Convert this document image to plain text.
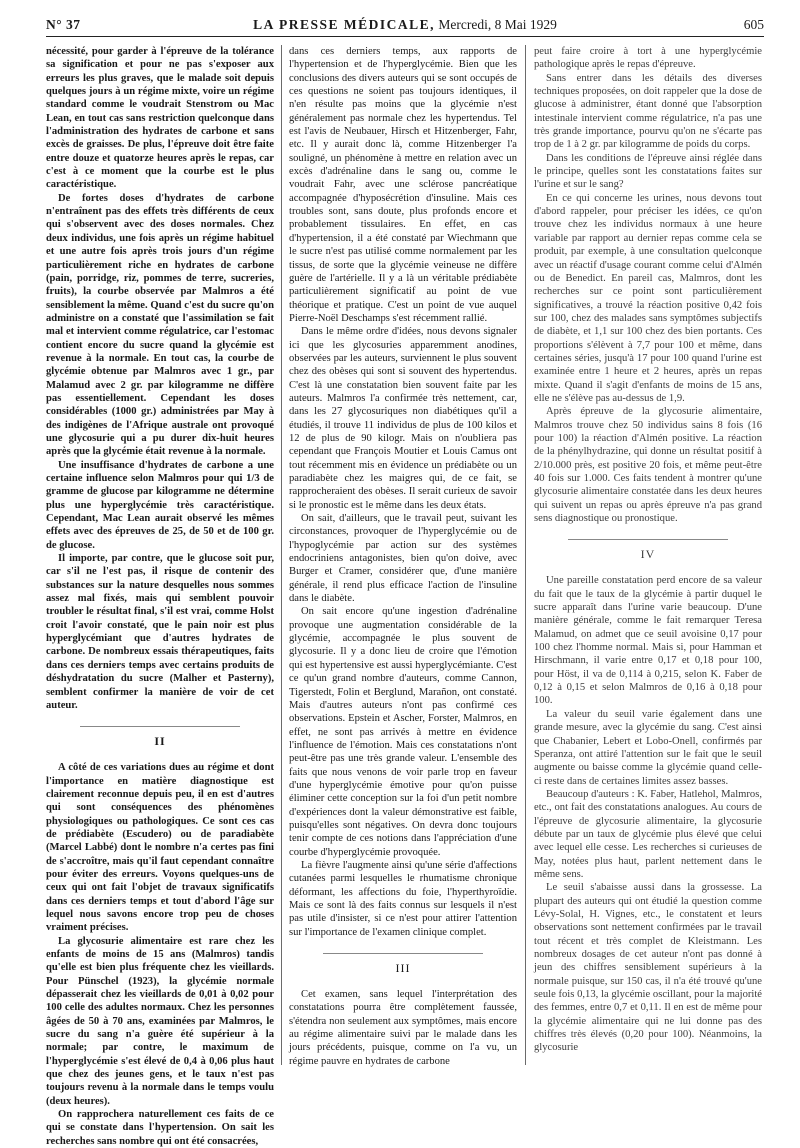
N° 37	LA PRESSE MÉDICALE, Mercredi, 8 Mai 1929	605

nécessité, pour garder à l'épreuve de la tolérance sa signification et pour ne pas s'exposer aux erreurs les plus graves, que le malade soit depuis quelques jours à un régime mixte, voire un régime standard comme le voudrait Stenstrom ou Mac Lean, en tout cas sans restriction quelconque dans l'administration des hydrates de carbone et sans excès de graisses. De plus, l'épreuve doit être faite entre douze et quatorze heures après le repas, car c'est à ce moment que la courbe est le plus caractéristique.

De fortes doses d'hydrates de carbone n'entraînent pas des effets très différents de ceux qui s'observent avec des doses normales. Chez deux individus, une fois après un régime habituel et une autre fois après trois jours d'un régime particulièrement riche en hydrates de carbone (pain, porridge, riz, pommes de terre, sucreries, fruits), la courbe observée par Malmros a été sensiblement la même. Quand c'est du sucre qu'on administre on a constaté que l'assimilation se fait mal et intervient comme régulatrice, car l'estomac contient encore du sucre quand la glycémie est revenue à la normale. En tout cas, la courbe de glycémie obtenue par Malmros avec 1 gr., par Malamud avec 2 gr. par kilogramme ne diffère pas essentiellement. Cependant les doses considérables (1000 gr.) administrées par May à des indigènes de l'Afrique australe ont provoqué une glycosurie qui a pu durer dix-huit heures après que la glycémie était revenue à la normale.

Une insuffisance d'hydrates de carbone a une certaine influence selon Malmros pour qui 1/3 de gramme de glucose par kilogramme ne détermine plus une hyperglycémie très caractéristique. Cependant, Mac Lean aurait observé les mêmes effets avec des épreuves de 25, de 50 et de 100 gr. de glucose.

Il importe, par contre, que le glucose soit pur, car s'il ne l'est pas, il risque de contenir des substances sur la nature desquelles nous sommes assez mal fixés, mais qui semblent pouvoir troubler le résultat final, s'il est vrai, comme Holst croit l'avoir constaté, que le pain noir est plus hyperglycémiant que d'autres hydrates de carbone. De nombreux essais thérapeutiques, faits dans ces derniers temps avec certains produits de déshydratation du sucre (Malher et Pasterny), semblent confirmer la manière de voir de cet auteur.

II

A côté de ces variations dues au régime et dont l'importance en matière diagnostique est clairement reconnue depuis peu, il en est d'autres qui sont conséquences des phénomènes physiologiques ou pathologiques. Ce sont ces cas de prédiabète (Escudero) ou de paradiabète (Marcel Labbé) dont le nombre n'a certes pas fini de s'accroître, mais qu'il faut cependant connaître pour éviter des erreurs. Voyons quelques-uns de ceux qui ont fait l'objet de travaux significatifs dans ces derniers temps et tout d'abord l'âge sur lequel nous savons encore trop peu de choses vraiment précises.

La glycosurie alimentaire est rare chez les enfants de moins de 15 ans (Malmros) tandis qu'elle est bien plus fréquente chez les vieillards. Pour Pünschel (1923), la glycémie normale dépasserait chez les vieillards de 0,01 à 0,02 pour 100 celle des adultes normaux. Chez les personnes âgées de 50 à 70 ans, examinées par Malmros, le sucre du sang n'a guère été supérieur à la normale; par contre, le maximum de l'hyperglycémie s'est élevé de 0,4 à 0,06 plus haut que chez des jeunes gens, et le taux n'est pas toujours revenu à la normale dans le temps voulu (deux heures).

On rapprochera naturellement ces faits de ce qui se constate dans l'hypertension. On sait les recherches sans nombre qui ont été consacrées,

dans ces derniers temps, aux rapports de l'hypertension et de l'hyperglycémie. Bien que les conclusions des divers auteurs qui se sont occupés de ces questions ne soient pas toujours identiques, il n'en résulte pas moins que la glycémie n'est généralement pas normale chez les hypertendus. Tel est l'avis de Neubauer, Hirsch et Hitzenberger, Fahr, etc. Il y aurait donc là, comme Hitzenberger l'a souligné, un phénomène à mettre en relation avec un excès d'adrénaline dans le sang ou, comme le voudrait Fahr, avec une sclérose pancréatique accompagnée d'hyposécrétion d'insuline. Mais ces troubles sont, sans doute, plus profonds encore et probablement tissulaires. En effet, en cas d'hypertension, il a été constaté par Wiechmann que le sucre n'est pas utilisé comme normalement par les tissus, de sorte que la glycémie veineuse ne diffère guère de l'artérielle. Il y a là un véritable prédiabète particulièrement significatif au point de vue théorique et pratique. C'est un point de vue auquel Pierre-Noël Deschamps s'est récemment rallié.

Dans le même ordre d'idées, nous devons signaler ici que les glycosuries apparemment anodines, observées par les auteurs, surviennent le plus souvent chez des obèses qui sont si souvent des hypertendus. C'est là une constatation bien souvent faite par les auteurs. Malmros l'a confirmée très nettement, car, dans les 27 glycosuriques non diabétiques qu'il a étudiés, il trouve 11 individus de plus de 100 kilos et 12 de plus de 90 kilogr. Mais on n'oubliera pas cependant que François Moutier et Louis Camus ont tout récemment mis en évidence un prédiabète ou un paradiabète chez les maigres qui, de ce fait, se rapprocheraient des obèses. Il serait curieux de savoir si le pronostic est le même dans les deux états.

On sait, d'ailleurs, que le travail peut, suivant les circonstances, provoquer de l'hyperglycémie ou de l'hypoglycémie par action sur des systèmes endocriniens antagonistes, bien qu'on doive, avec Burger et Cramer, considérer que, d'une manière générale, il rend plus efficace l'action de l'insuline dans le diabète.

On sait encore qu'une ingestion d'adrénaline provoque une augmentation considérable de la glycémie, accompagnée le plus souvent de glycosurie. Il y a donc lieu de croire que l'émotion qui est hypertensive est aussi hyperglycémiante. C'est ce qu'un grand nombre d'auteurs, comme Cannon, Tigerstedt, Folin et Berglund, Marañon, ont constaté. Mais d'autres auteurs n'ont pas confirmé ces observations. Epstein et Ascher, Forster, Malmros, en effet, ne sont pas arrivés à mettre en évidence l'influence de l'émotion. Mais ces constatations n'ont peut-être pas une très grande valeur. L'ensemble des faits que nous venons de voir parle trop en faveur d'une hyperglycémie émotive pour qu'on puisse éliminer cette conception sur la foi d'un petit nombre d'expériences dont la valeur démonstrative est faible, puisqu'elles sont négatives. On devra donc toujours tenir compte de ces notions dans l'appréciation d'une courbe d'hyperglycémie provoquée.

La fièvre l'augmente ainsi qu'une série d'affections cutanées parmi lesquelles le rhumatisme chronique déformant, les affections du foie, l'hyperthyroïdie. Mais ce sont là des faits connus sur lesquels il n'est pas utile d'insister, si ce n'est pour attirer l'attention sur l'importance de l'examen clinique complet.

III

Cet examen, sans lequel l'interprétation des constatations pourra être complètement faussée, s'étendra non seulement aux symptômes, mais encore au régime alimentaire suivi par le malade dans les jours précédents, puisque, comme on l'a vu, un régime pauvre en hydrates de carbone

peut faire croire à tort à une hyperglycémie pathologique après le repas d'épreuve.

Sans entrer dans les détails des diverses techniques proposées, on doit rappeler que la dose de glucose à administrer, étant donné que l'absorption intestinale intervient comme régulatrice, n'a pas une très grande importance, pourvu qu'on ne s'écarte pas trop de 1 à 2 gr. par kilogramme de poids du corps.

Dans les conditions de l'épreuve ainsi réglée dans le principe, quelles sont les constatations faites sur l'urine et sur le sang?

En ce qui concerne les urines, nous devons tout d'abord rappeler, pour préciser les idées, ce qu'on trouve chez les individus normaux à une heure variable par rapport au dernier repas comme cela se produit, par exemple, à une consultation quelconque avec un réactif d'usage courant comme celui d'Almén ou de Benedict. En pareil cas, Malmros, dont les recherches sur ce point sont particulièrement significatives, a trouvé la réaction positive 0,42 fois sur 100, chez des malades sans symptômes subjectifs de diabète, et 1,1 sur 100 chez des bien portants. Ces proportions s'élèvent à 7,7 pour 100 et même, dans certaines séries, jusqu'à 17 pour 100 quand l'urine est examinée entre 1 heure et 2 heures, après un repas mixte. Quand il s'agit d'enfants de moins de 15 ans, elle ne s'élève pas au-dessus de 1,9.

Après épreuve de la glycosurie alimentaire, Malmros trouve chez 50 individus sains 8 fois (16 pour 100) la réaction d'Almén positive. La réaction de la phénylhydrazine, qui donne un résultat positif à 2/10.000 près, est positive 20 fois, et même peut-être 40 fois sur 1.000. Ces faits tendent à montrer qu'une glycosurie alimentaire constatée dans les deux heures qui suivent un repas ou après épreuve n'a pas grand sens diagnostique ou pronostique.

IV

Une pareille constatation perd encore de sa valeur du fait que le taux de la glycémie à partir duquel le sucre apparaît dans l'urine varie beaucoup. D'une manière générale, comme le fait remarquer Teresa Malamud, on admet que ce seuil avoisine 0,17 pour 100 chez l'homme normal. Mais si, pour Hamman et Hirschmann, il varie entre 0,17 et 0,18 pour 100, pour Höst, il va de 0,114 à 0,215, selon K. Faber de 0,12 à 0,15 et selon Malmros de 0,16 à 0,18 pour 100.

La valeur du seuil varie également dans une grande mesure, avec la glycémie du sang. C'est ainsi que Chabanier, Lebert et Lobo-Onell, confirmés par Speranza, ont attiré l'attention sur le fait que le seuil augmente ou baisse comme la glycémie quand celle-ci reste dans de certaines limites assez basses.

Beaucoup d'auteurs : K. Faber, Hatlehol, Malmros, etc., ont fait des constatations analogues. Au cours de l'épreuve de glycosurie alimentaire, la glycosurie débute par un taux de glycémie plus élevé que celui avec lequel elle cesse. Les recherches si curieuses de May, notées plus haut, parlent nettement dans le même sens.

Le seuil s'abaisse aussi dans la grossesse. La plupart des auteurs qui ont étudié la question comme Lévy-Solal, H. Vignes, etc., le constatent et leurs observations sont nettement confirmées par le travail tout récent et très complet de Kleistmann. Les nombreux dosages de cet auteur n'ont pas donné à jeun des chiffres sensiblement supérieurs à la normale puisque, sur 150 cas, il n'a été trouvé qu'une seule fois 0,13, la glycémie oscillant, pour la majorité des femmes, entre 0,7 et 0,11. Il en est de même pour la glycémie alimentaire qui ne lui donne pas des chiffres très élevés (0,20 pour 100). Néanmoins, la glycosurie
